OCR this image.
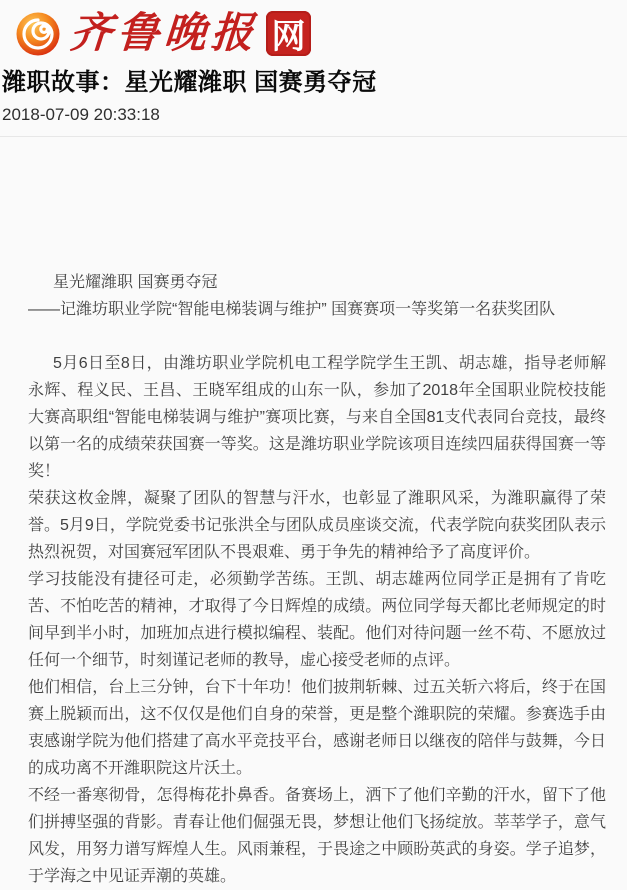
齐鲁晚报 网
潍职故事：星光耀潍职 国赛勇夺冠
2018-07-09 20:33:18

星光耀潍职 国赛勇夺冠

——记潍坊职业学院“智能电梯装调与维护” 国赛赛项一等奖第一名获奖团队

5月6日至8日，由潍坊职业学院机电工程学院学生王凯、胡志雄，指导老师解永辉、程义民、王昌、王晓军组成的山东一队，参加了2018年全国职业院校技能大赛高职组“智能电梯装调与维护”赛项比赛，与来自全国81支代表同台竞技，最终以第一名的成绩荣获国赛一等奖。这是潍坊职业学院该项目连续四届获得国赛一等奖！

荣获这枚金牌，凝聚了团队的智慧与汗水，也彰显了潍职风采，为潍职赢得了荣誉。5月9日，学院党委书记张洪全与团队成员座谈交流，代表学院向获奖团队表示热烈祝贺，对国赛冠军团队不畏艰难、勇于争先的精神给予了高度评价。

学习技能没有捷径可走，必须勤学苦练。王凯、胡志雄两位同学正是拥有了肯吃苦、不怕吃苦的精神，才取得了今日辉煌的成绩。两位同学每天都比老师规定的时间早到半小时，加班加点进行模拟编程、装配。他们对待问题一丝不苟、不愿放过任何一个细节，时刻谨记老师的教导，虚心接受老师的点评。

他们相信，台上三分钟，台下十年功！他们披荆斩棘、过五关斩六将后，终于在国赛上脱颖而出，这不仅仅是他们自身的荣誉，更是整个潍职院的荣耀。参赛选手由衷感谢学院为他们搭建了高水平竞技平台，感谢老师日以继夜的陪伴与鼓舞，今日的成功离不开潍职院这片沃土。

不经一番寒彻骨，怎得梅花扑鼻香。备赛场上，洒下了他们辛勤的汗水，留下了他们拼搏坚强的背影。青春让他们倔强无畏，梦想让他们飞扬绽放。莘莘学子，意气风发，用努力谱写辉煌人生。风雨兼程，于畏途之中顾盼英武的身姿。学子追梦，于学海之中见证弄潮的英雄。
